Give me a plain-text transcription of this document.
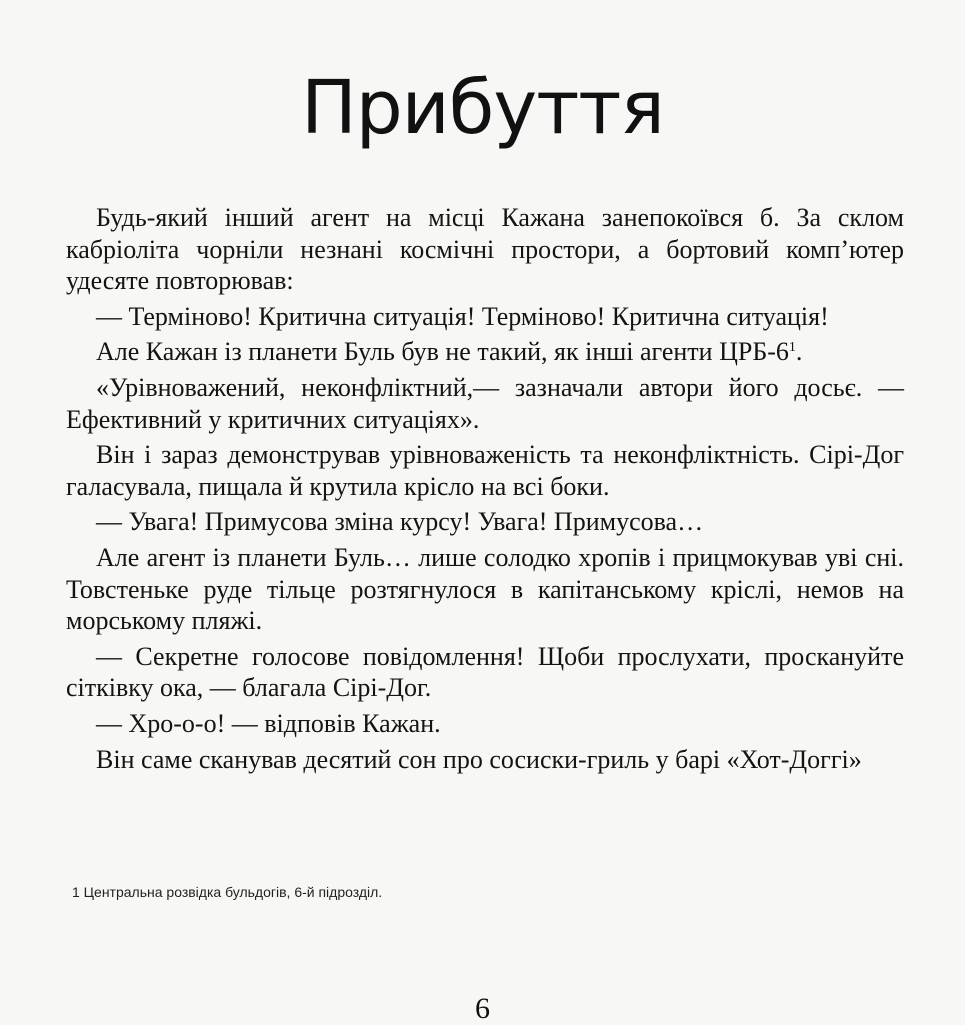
Прибуття

Будь-який інший агент на місці Кажана занепокоївся б. За склом кабріоліта чорніли незнані космічні простори, а бортовий комп’ютер удесяте повторював:

— Терміново! Критична ситуація! Терміново! Критична ситуація!

Але Кажан із планети Буль був не такий, як інші агенти ЦРБ-6$^1$.

«Урівноважений, неконфліктний,— зазначали автори його досьє. — Ефективний у критичних ситуаціях».

Він і зараз демонстрував урівноваженість та неконфліктність. Сірі-Дог галасувала, пищала й крутила крісло на всі боки.

— Увага! Примусова зміна курсу! Увага! Примусова…

Але агент із планети Буль… лише солодко хропів і прицмокував уві сні. Товстеньке руде тільце розтягнулося в капітанському кріслі, немов на морському пляжі.

— Секретне голосове повідомлення! Щоби прослухати, проскануйте сітківку ока, — благала Сірі-Дог.

— Хро-о-о! — відповів Кажан.

Він саме сканував десятий сон про сосиски-гриль у барі «Хот-Доггі»

1 Центральна розвідка бульдогів, 6-й підрозділ.
6
